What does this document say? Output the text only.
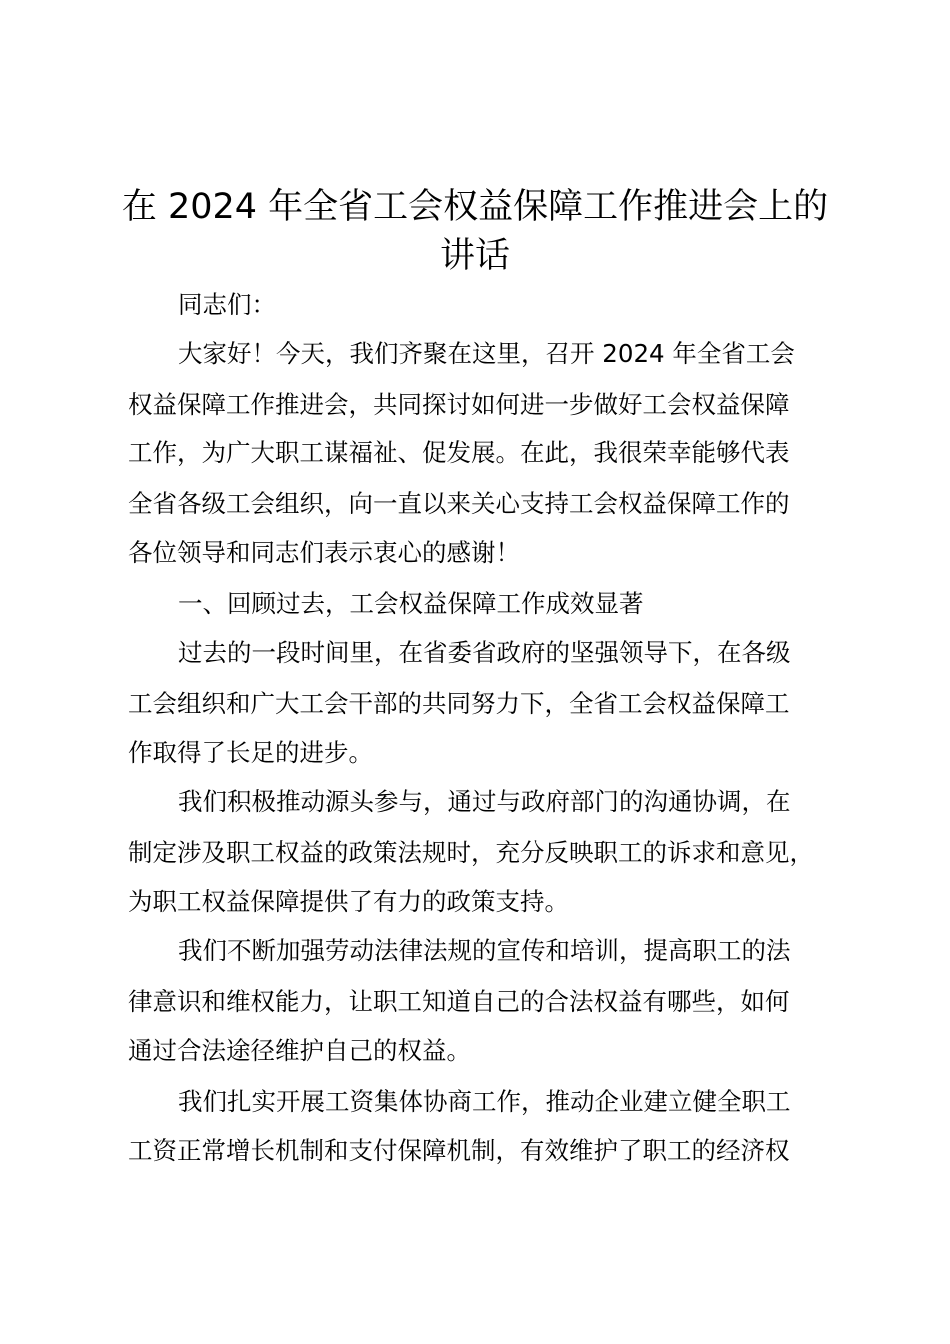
在 2024 年全省工会权益保障工作推进会上的
讲话
同志们：
大家好！今天，我们齐聚在这里，召开 2024 年全省工会
权益保障工作推进会，共同探讨如何进一步做好工会权益保障
工作，为广大职工谋福祉、促发展。在此，我很荣幸能够代表
全省各级工会组织，向一直以来关心支持工会权益保障工作的
各位领导和同志们表示衷心的感谢！
一、回顾过去，工会权益保障工作成效显著
过去的一段时间里，在省委省政府的坚强领导下，在各级
工会组织和广大工会干部的共同努力下，全省工会权益保障工
作取得了长足的进步。
我们积极推动源头参与，通过与政府部门的沟通协调，在
制定涉及职工权益的政策法规时，充分反映职工的诉求和意见，
为职工权益保障提供了有力的政策支持。
我们不断加强劳动法律法规的宣传和培训，提高职工的法
律意识和维权能力，让职工知道自己的合法权益有哪些，如何
通过合法途径维护自己的权益。
我们扎实开展工资集体协商工作，推动企业建立健全职工
工资正常增长机制和支付保障机制，有效维护了职工的经济权
